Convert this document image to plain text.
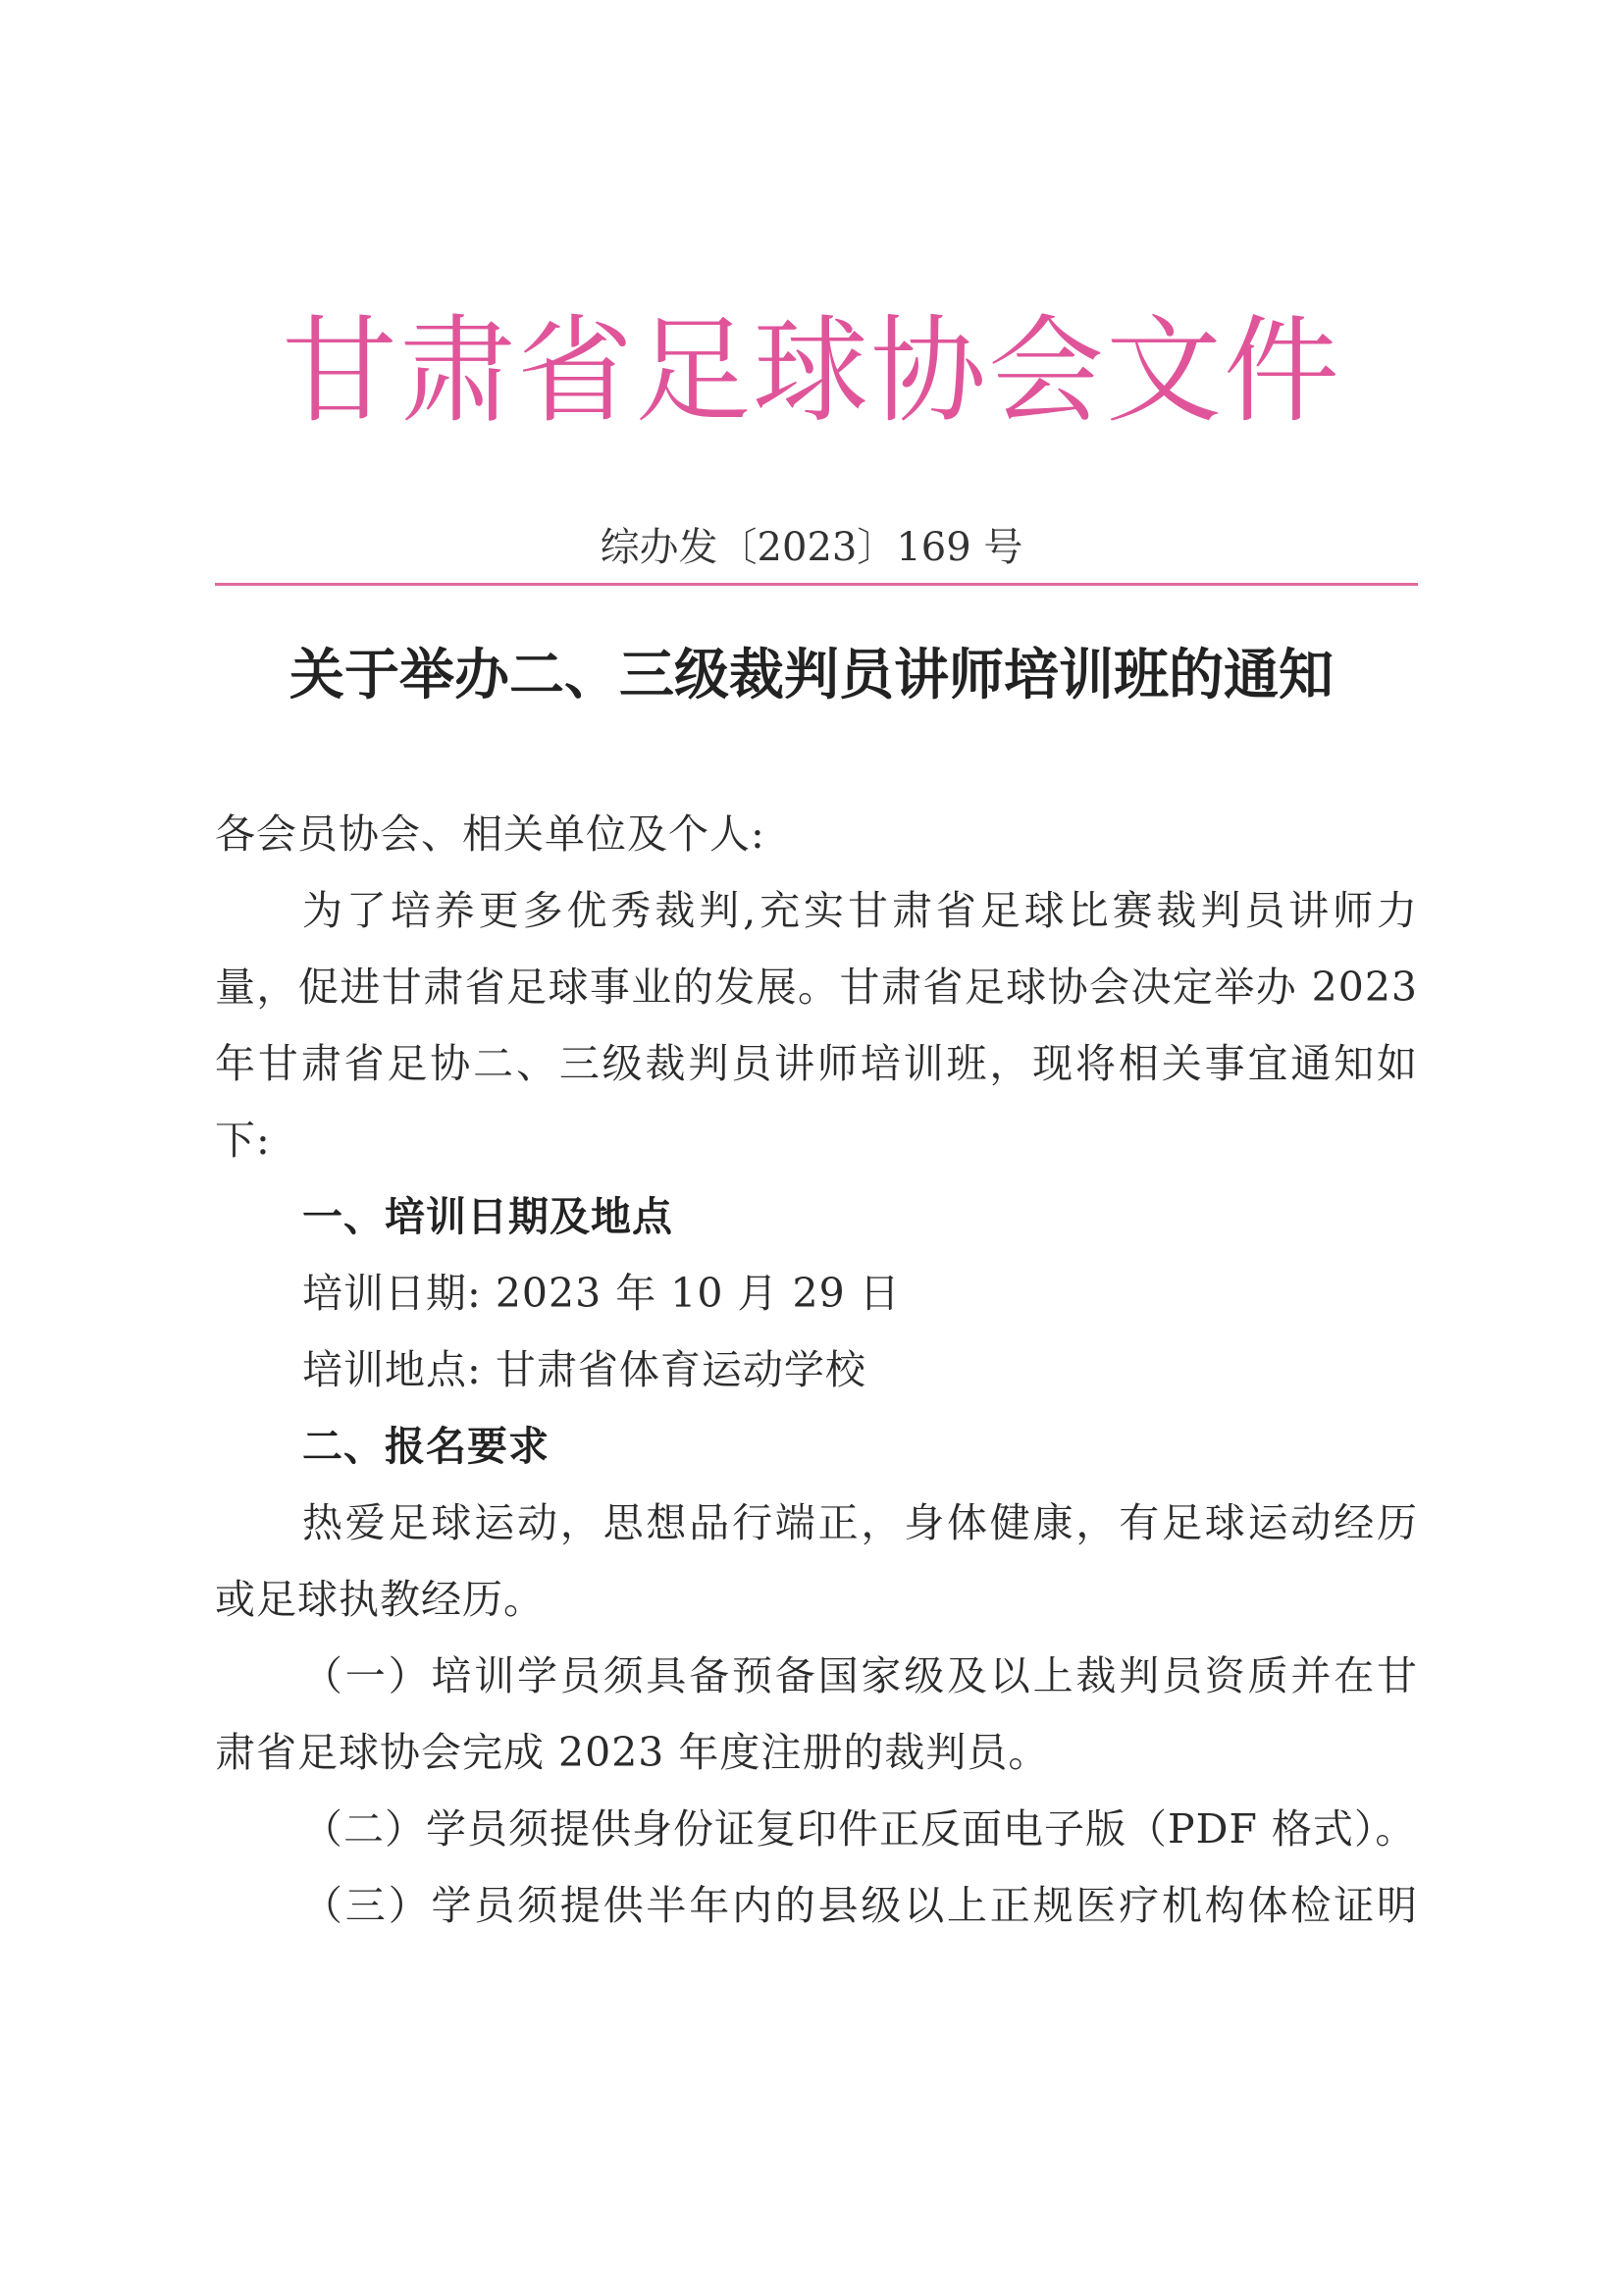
甘肃省足球协会文件
综办发〔2023〕169 号
关于举办二、三级裁判员讲师培训班的通知
各会员协会、相关单位及个人:
为了培养更多优秀裁判,充实甘肃省足球比赛裁判员讲师力
量，促进甘肃省足球事业的发展。甘肃省足球协会决定举办 2023
年甘肃省足协二、三级裁判员讲师培训班，现将相关事宜通知如
下:
一、培训日期及地点
培训日期: 2023 年 10 月 29 日
培训地点: 甘肃省体育运动学校
二、报名要求
热爱足球运动，思想品行端正，身体健康，有足球运动经历
或足球执教经历。
（一）培训学员须具备预备国家级及以上裁判员资质并在甘
肃省足球协会完成 2023 年度注册的裁判员。
（二）学员须提供身份证复印件正反面电子版（PDF 格式）。
（三）学员须提供半年内的县级以上正规医疗机构体检证明
